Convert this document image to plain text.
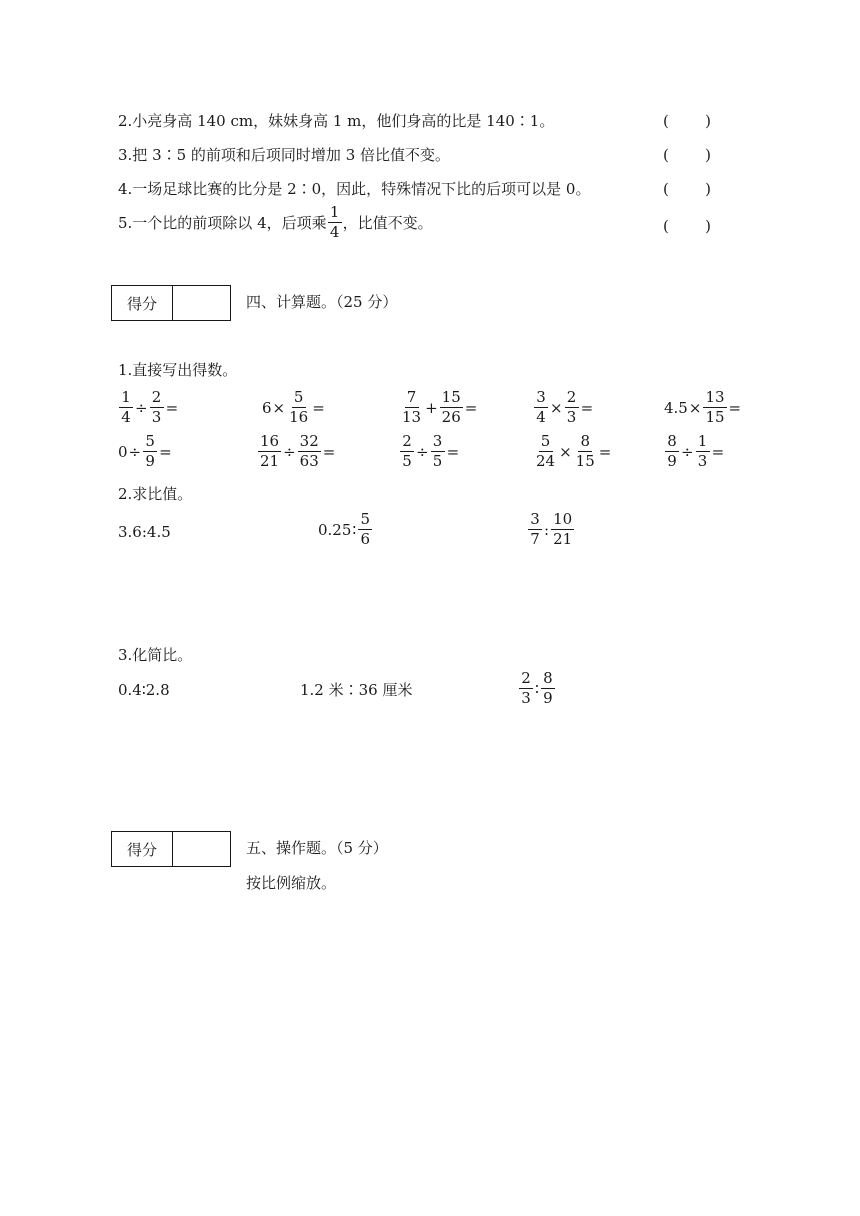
2.小亮身高 140 cm，妹妹身高 1 m，他们身高的比是 140∶1。	( )
3.把 3∶5 的前项和后项同时增加 3 倍比值不变。	( )
4.一场足球比赛的比分是 2∶0，因此，特殊情况下比的后项可以是 0。	( )
5.一个比的前项除以 4，后项乘 $\frac{1}{4}$ ，比值不变。	( )
得分	四、计算题。（25 分）
1.直接写出得数。
$\frac{1}{4} \div \frac{2}{3}$ =	$6 \times \frac{5}{16}$ =	$\frac{7}{13} + \frac{15}{26}$ =	$\frac{3}{4} \times \frac{2}{3}$ =	$4.5 \times \frac{13}{15}$ =
$0 \div \frac{5}{9}$ =	$\frac{16}{21} \div \frac{32}{63}$ =	$\frac{2}{5} \div \frac{3}{5}$ =	$\frac{5}{24} \times \frac{8}{15}$ =	$\frac{8}{9} \div \frac{1}{3}$ =
2.求比值。
3.6:4.5	0.25 ∶ $\frac{5}{6}$	$\frac{3}{7}$ : $\frac{10}{21}$
3.化简比。
0.4∶2.8	1.2 米∶36 厘米	$\frac{2}{3}$ ∶ $\frac{8}{9}$
得分	五、操作题。（5 分）
按比例缩放。
